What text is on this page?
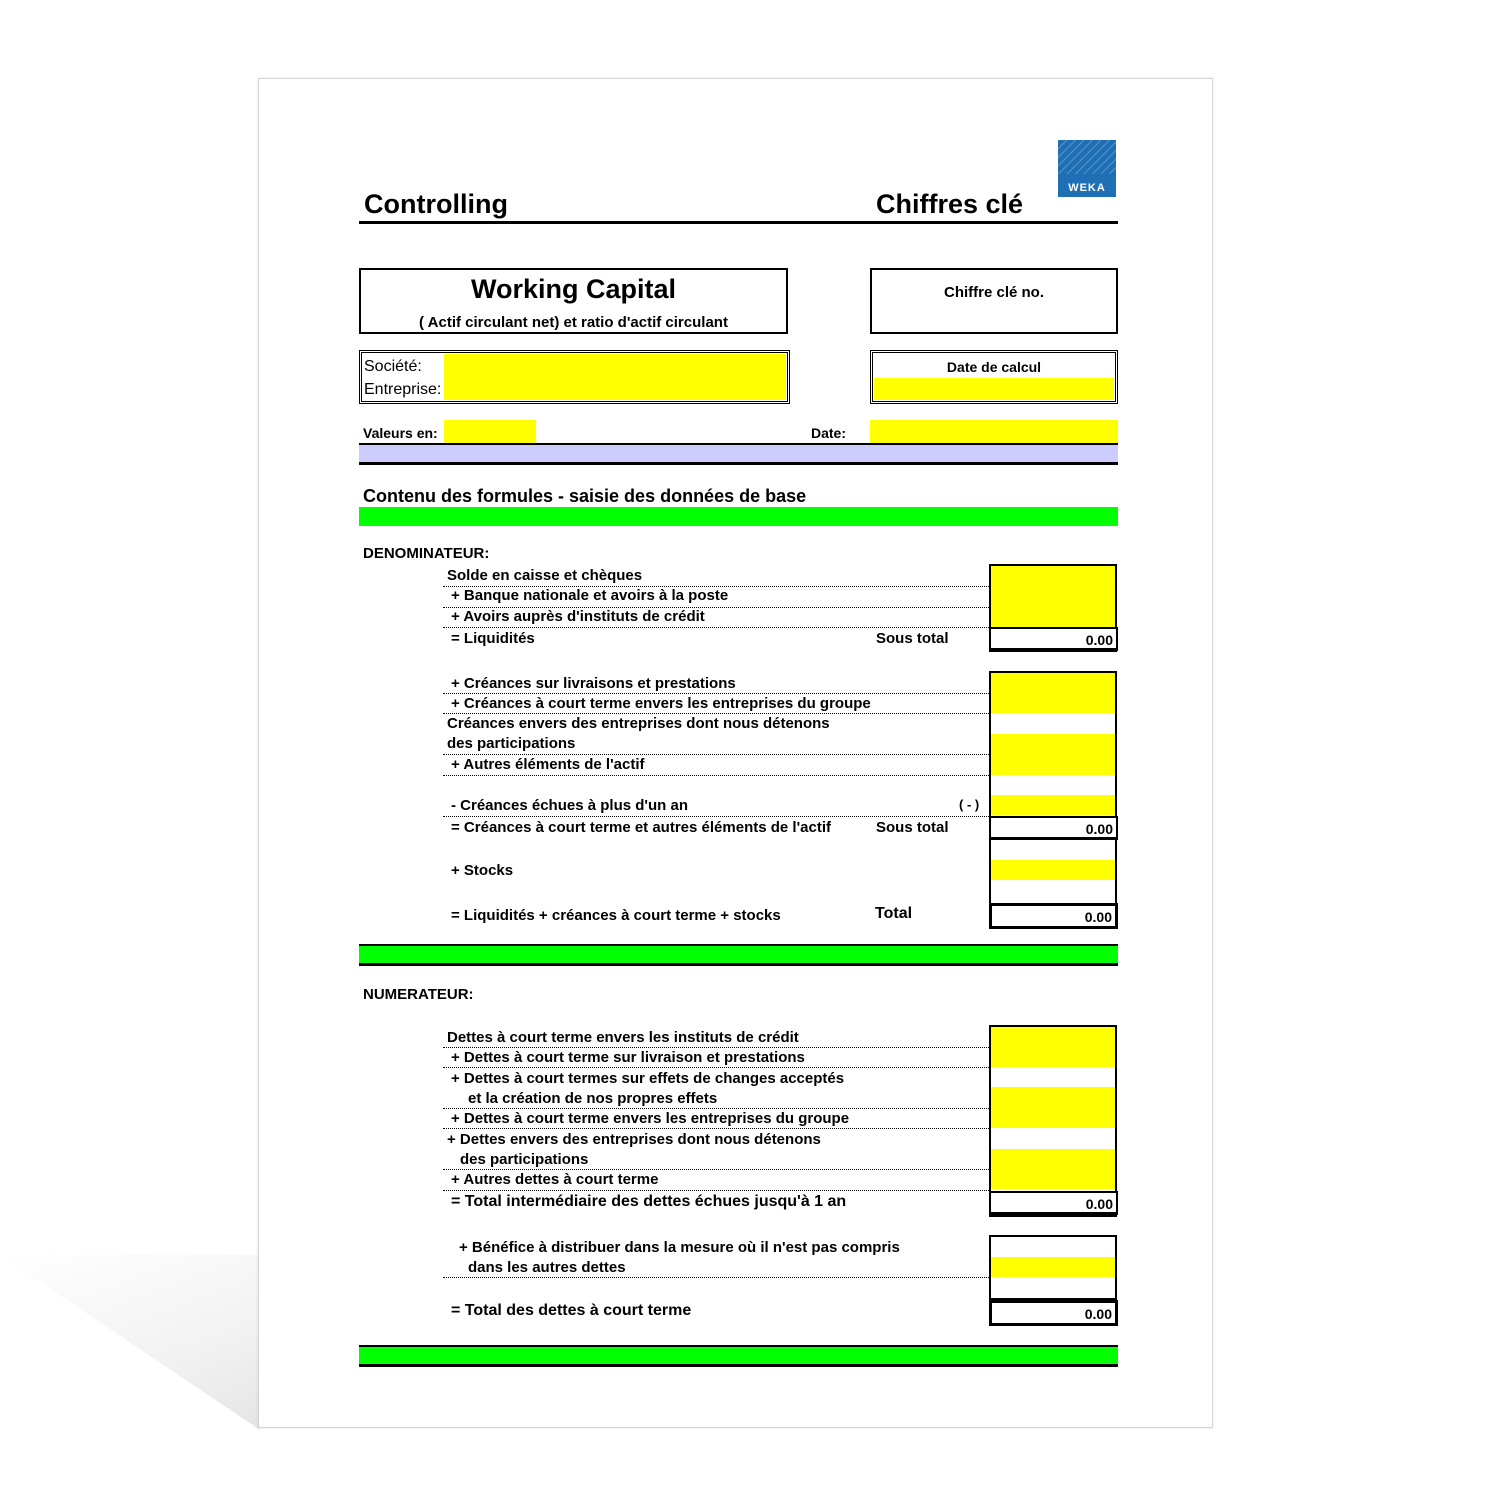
WEKA
Controlling	Chiffres clé
Working Capital
( Actif circulant net) et ratio d'actif circulant
Chiffre clé no.
Société:
Entreprise:
Date de calcul
Valeurs en:	Date:
Contenu des formules - saisie des données de base
DENOMINATEUR:
Solde en caisse et chèques
+ Banque nationale et avoirs à la poste
+ Avoirs auprès d'instituts de crédit
= Liquidités	Sous total	0.00
+ Créances sur livraisons et prestations
+ Créances à court terme envers les entreprises du groupe
Créances envers des entreprises dont nous détenons
des participations
+ Autres éléments de l'actif
- Créances échues à plus d'un an	( - )
= Créances à court terme et autres éléments de l'actif	Sous total	0.00
+ Stocks
= Liquidités + créances à court terme + stocks	Total	0.00
NUMERATEUR:
Dettes à court terme envers les instituts de crédit
+ Dettes à court terme sur livraison et prestations
+ Dettes à court termes sur effets de changes acceptés
et la création de nos propres effets
+ Dettes à court terme envers les entreprises du groupe
+ Dettes envers des entreprises dont nous détenons
des participations
+ Autres dettes à court terme
= Total intermédiaire des dettes échues jusqu'à 1 an	0.00
+ Bénéfice à distribuer dans la mesure où il n'est pas compris
dans les autres dettes
= Total des dettes à court terme	0.00
